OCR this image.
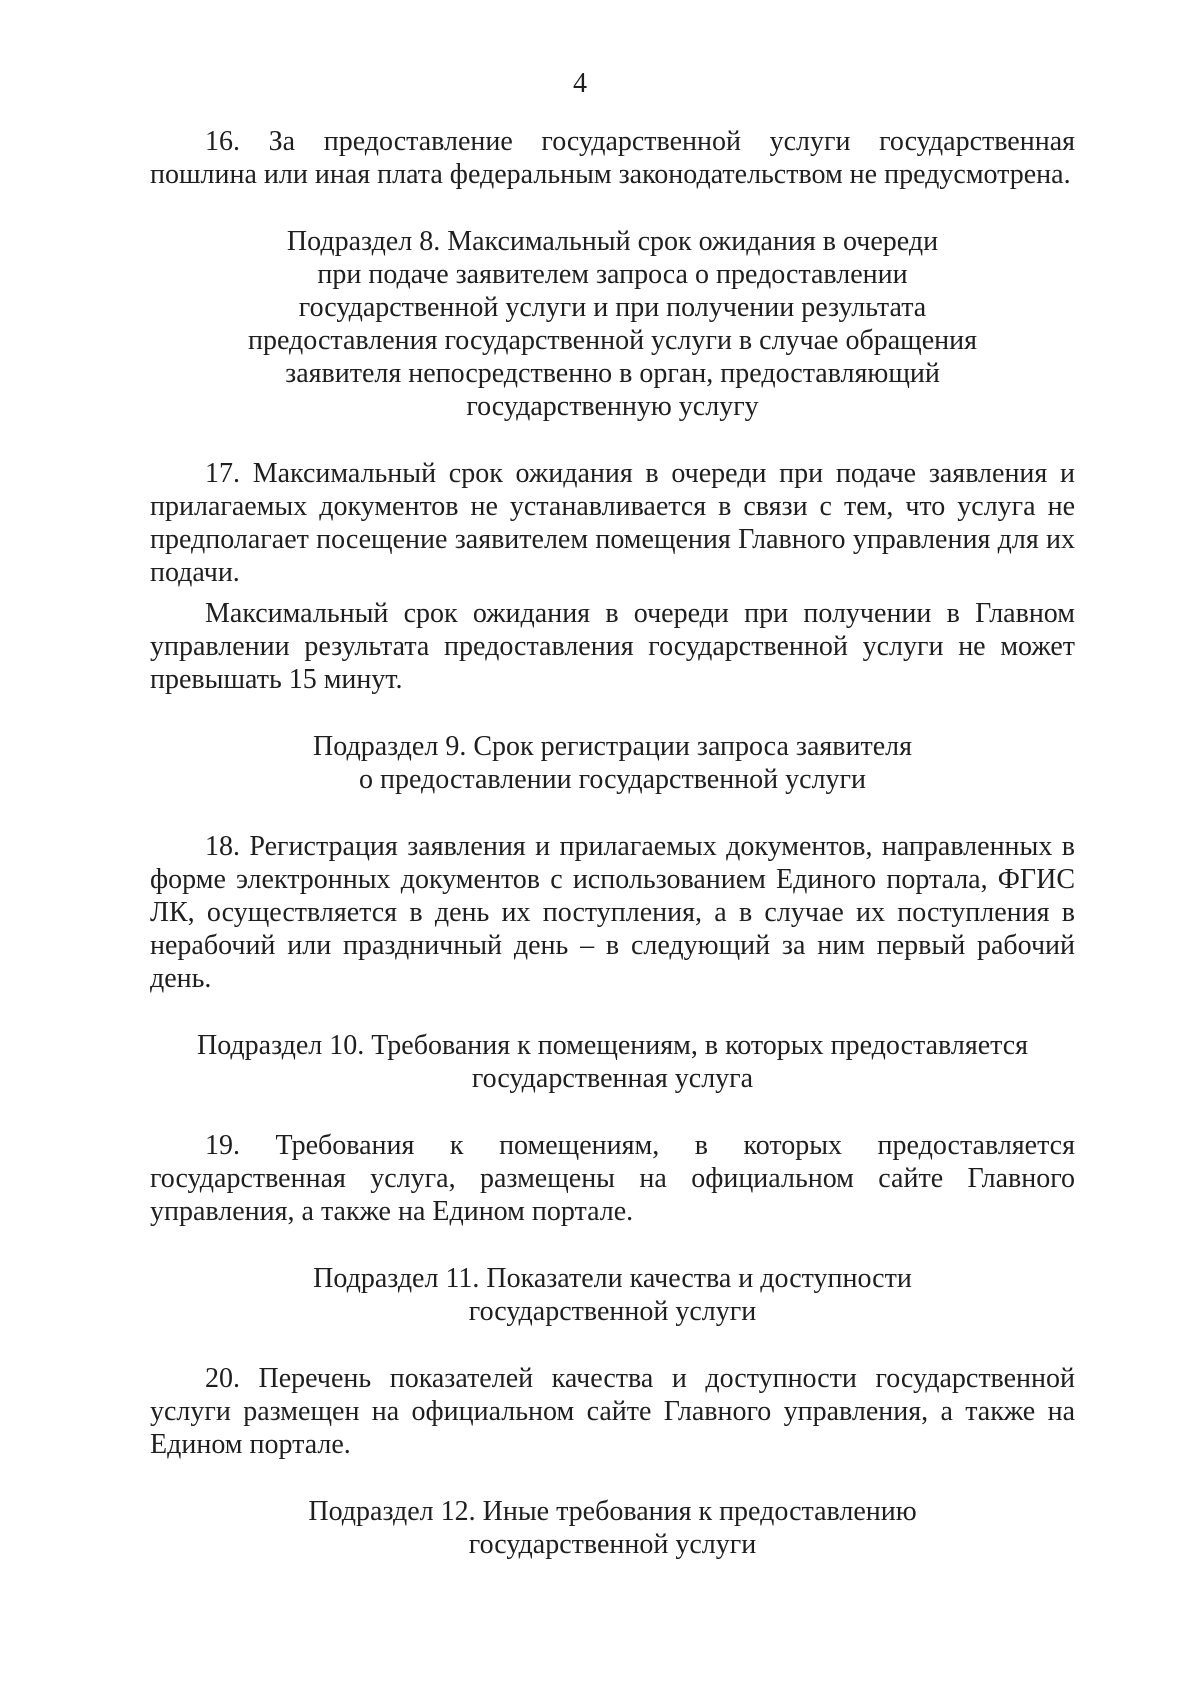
4

16. За предоставление государственной услуги государственная пошлина или иная плата федеральным законодательством не предусмотрена.

Подраздел 8. Максимальный срок ожидания в очереди
при подаче заявителем запроса о предоставлении
государственной услуги и при получении результата
предоставления государственной услуги в случае обращения
заявителя непосредственно в орган, предоставляющий
государственную услугу

17. Максимальный срок ожидания в очереди при подаче заявления и прилагаемых документов не устанавливается в связи с тем, что услуга не предполагает посещение заявителем помещения Главного управления для их подачи.

Максимальный срок ожидания в очереди при получении в Главном управлении результата предоставления государственной услуги не может превышать 15 минут.

Подраздел 9. Срок регистрации запроса заявителя
о предоставлении государственной услуги

18. Регистрация заявления и прилагаемых документов, направленных в форме электронных документов с использованием Единого портала, ФГИС ЛК, осуществляется в день их поступления, а в случае их поступления в нерабочий или праздничный день – в следующий за ним первый рабочий день.

Подраздел 10. Требования к помещениям, в которых предоставляется
государственная услуга

19. Требования к помещениям, в которых предоставляется государственная услуга, размещены на официальном сайте Главного управления, а также на Едином портале.

Подраздел 11. Показатели качества и доступности
государственной услуги

20. Перечень показателей качества и доступности государственной услуги размещен на официальном сайте Главного управления, а также на Едином портале.

Подраздел 12. Иные требования к предоставлению
государственной услуги
